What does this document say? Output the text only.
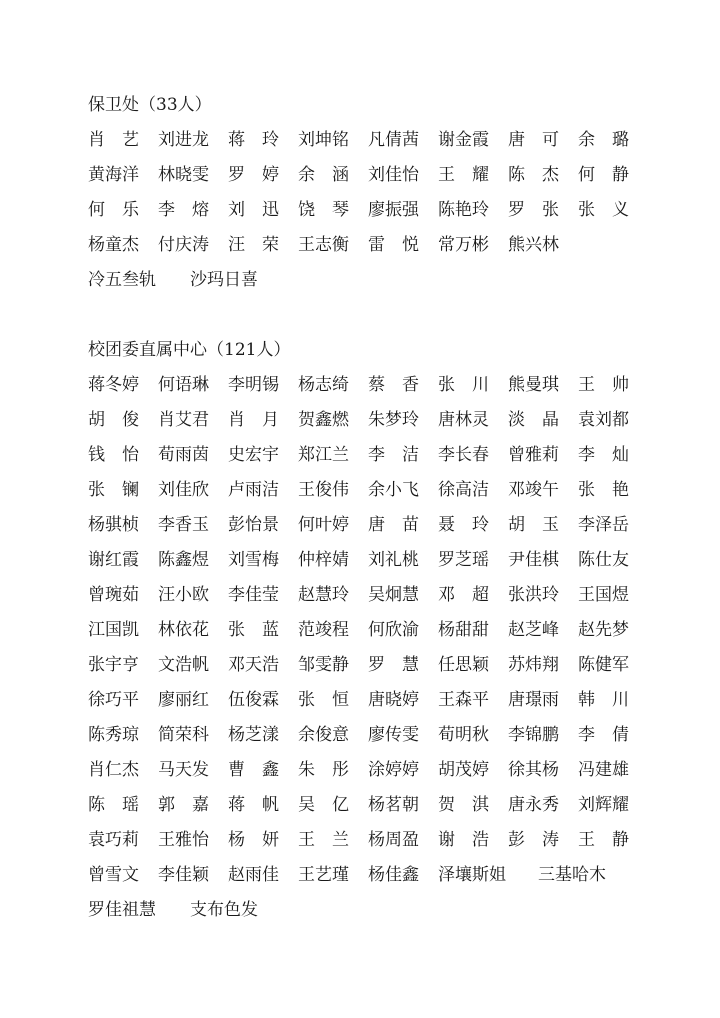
保卫处（33人）
肖　艺 刘进龙 蒋　玲 刘坤铭 凡倩茜 谢金霞 唐　可 余　璐
黄海洋 林晓雯 罗　婷 余　涵 刘佳怡 王　耀 陈　杰 何　静
何　乐 李　熔 刘　迅 饶　琴 廖振强 陈艳玲 罗　张 张　义
杨童杰 付庆涛 汪　荣 王志衡 雷　悦 常万彬 熊兴林
冷五叁轨 沙玛日喜
校团委直属中心（121人）
蒋冬婷 何语琳 李明锡 杨志绮 蔡　香 张　川 熊曼琪 王　帅
胡　俊 肖艾君 肖　月 贺鑫燃 朱梦玲 唐林灵 淡　晶 袁刘都
钱　怡 荀雨茵 史宏宇 郑江兰 李　洁 李长春 曾雅莉 李　灿
张　镧 刘佳欣 卢雨洁 王俊伟 余小飞 徐高洁 邓竣午 张　艳
杨骐桢 李香玉 彭怡景 何叶婷 唐　苗 聂　玲 胡　玉 李泽岳
谢红霞 陈鑫煜 刘雪梅 仲梓婧 刘礼桃 罗芝瑶 尹佳棋 陈仕友
曾琬茹 汪小欧 李佳莹 赵慧玲 吴炯慧 邓　超 张洪玲 王国煜
江国凯 林依花 张　蓝 范竣程 何欣渝 杨甜甜 赵芝峰 赵先梦
张宇亨 文浩帆 邓天浩 邹雯静 罗　慧 任思颖 苏炜翔 陈健军
徐巧平 廖丽红 伍俊霖 张　恒 唐晓婷 王森平 唐璟雨 韩　川
陈秀琼 简荣科 杨芝漾 余俊意 廖传雯 荀明秋 李锦鹏 李　倩
肖仁杰 马天发 曹　鑫 朱　彤 涂婷婷 胡茂婷 徐其杨 冯建雄
陈　瑶 郭　嘉 蒋　帆 吴　亿 杨茗朝 贺　淇 唐永秀 刘辉耀
袁巧莉 王雅怡 杨　妍 王　兰 杨周盈 谢　浩 彭　涛 王　静
曾雪文 李佳颖 赵雨佳 王艺瑾 杨佳鑫 泽壤斯姐 三基哈木
罗佳祖慧 支布色发
